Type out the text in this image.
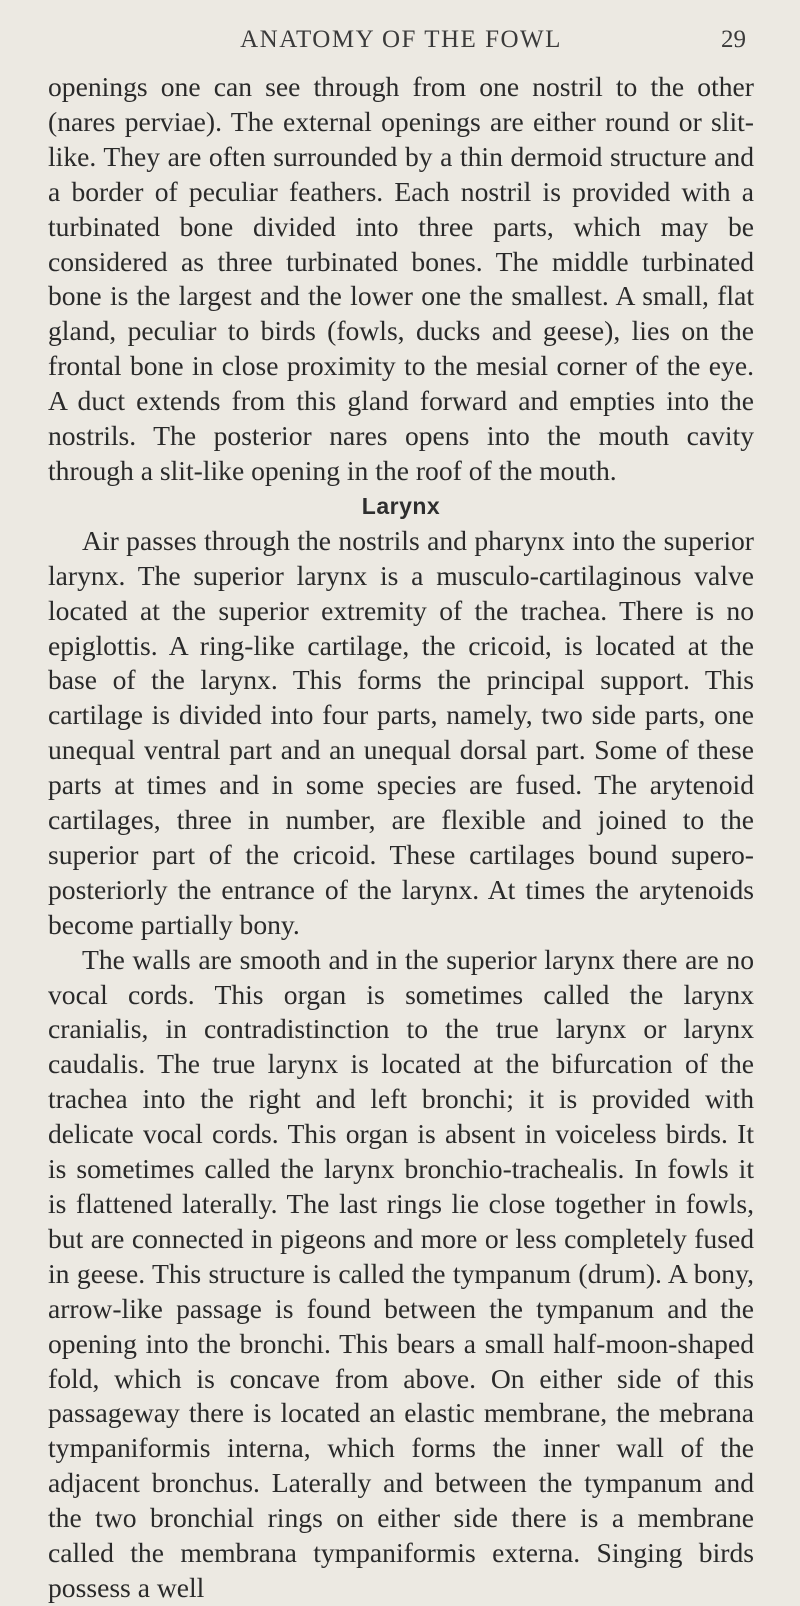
ANATOMY OF THE FOWL	29

openings one can see through from one nostril to the other (nares perviae). The external openings are either round or slit-like. They are often surrounded by a thin dermoid structure and a border of peculiar feathers. Each nostril is provided with a turbinated bone divided into three parts, which may be considered as three turbinated bones. The middle turbinated bone is the largest and the lower one the smallest. A small, flat gland, peculiar to birds (fowls, ducks and geese), lies on the frontal bone in close proximity to the mesial corner of the eye. A duct extends from this gland forward and empties into the nostrils. The posterior nares opens into the mouth cavity through a slit-like opening in the roof of the mouth.

Larynx

Air passes through the nostrils and pharynx into the superior larynx. The superior larynx is a musculo-cartilaginous valve located at the superior extremity of the trachea. There is no epiglottis. A ring-like cartilage, the cricoid, is located at the base of the larynx. This forms the principal support. This cartilage is divided into four parts, namely, two side parts, one unequal ventral part and an unequal dorsal part. Some of these parts at times and in some species are fused. The arytenoid cartilages, three in number, are flexible and joined to the superior part of the cricoid. These cartilages bound supero-posteriorly the entrance of the larynx. At times the arytenoids become partially bony.

The walls are smooth and in the superior larynx there are no vocal cords. This organ is sometimes called the larynx cranialis, in contradistinction to the true larynx or larynx caudalis. The true larynx is located at the bifurcation of the trachea into the right and left bronchi; it is provided with delicate vocal cords. This organ is absent in voiceless birds. It is sometimes called the larynx bronchio-trachealis. In fowls it is flattened laterally. The last rings lie close together in fowls, but are connected in pigeons and more or less completely fused in geese. This structure is called the tympanum (drum). A bony, arrow-like passage is found between the tympanum and the opening into the bronchi. This bears a small half-moon-shaped fold, which is concave from above. On either side of this passageway there is located an elastic membrane, the mebrana tympaniformis interna, which forms the inner wall of the adjacent bronchus. Laterally and between the tympanum and the two bronchial rings on either side there is a membrane called the membrana tympaniformis externa. Singing birds possess a well
